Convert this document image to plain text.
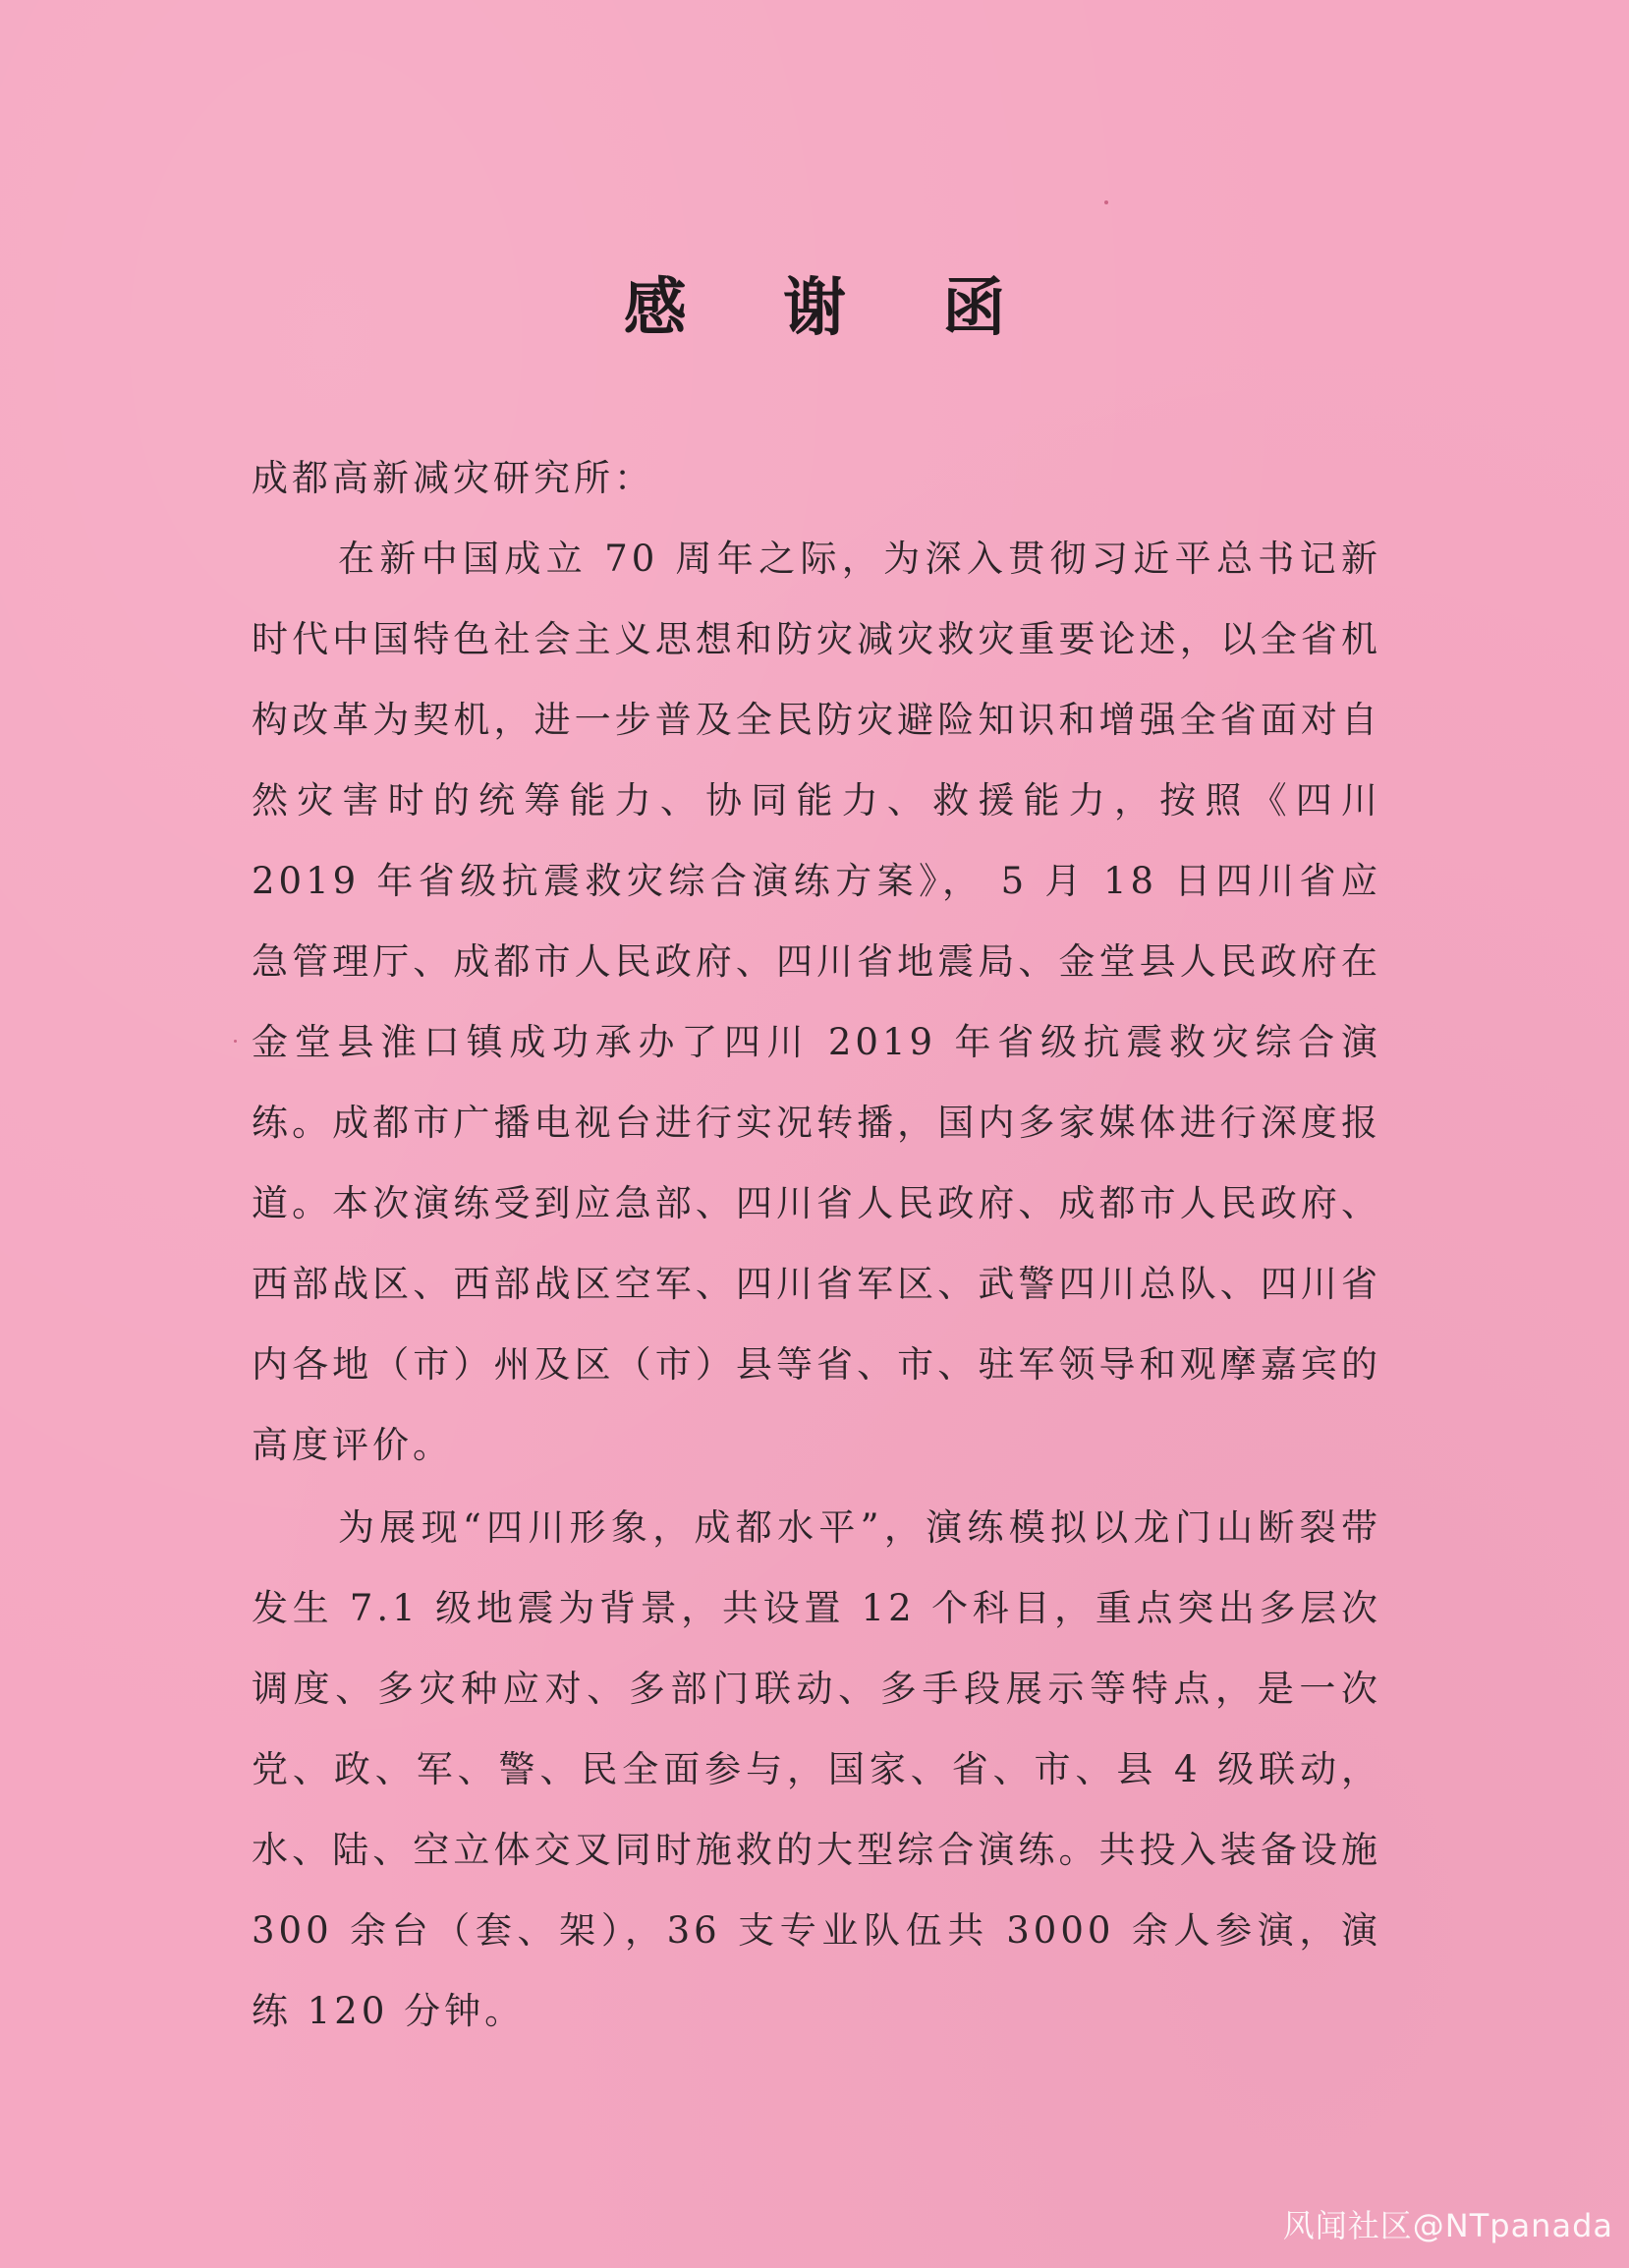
感 谢 函
成都高新减灾研究所：
在新中国成立 70 周年之际，为深入贯彻习近平总书记新时代中国特色社会主义思想和防灾减灾救灾重要论述，以全省机构改革为契机，进一步普及全民防灾避险知识和增强全省面对自然灾害时的统筹能力、协同能力、救援能力，按照《四川 2019 年省级抗震救灾综合演练方案》， 5 月 18 日四川省应急管理厅、成都市人民政府、四川省地震局、金堂县人民政府在金堂县淮口镇成功承办了四川 2019 年省级抗震救灾综合演练。成都市广播电视台进行实况转播，国内多家媒体进行深度报道。本次演练受到应急部、四川省人民政府、成都市人民政府、西部战区、西部战区空军、四川省军区、武警四川总队、四川省内各地（市）州及区（市）县等省、市、驻军领导和观摩嘉宾的高度评价。
为展现“四川形象，成都水平”，演练模拟以龙门山断裂带发生 7.1 级地震为背景，共设置 12 个科目，重点突出多层次调度、多灾种应对、多部门联动、多手段展示等特点，是一次党、政、军、警、民全面参与，国家、省、市、县 4 级联动，水、陆、空立体交叉同时施救的大型综合演练。共投入装备设施 300 余台（套、架），36 支专业队伍共 3000 余人参演，演练 120 分钟。
风闻社区@NTpanada
